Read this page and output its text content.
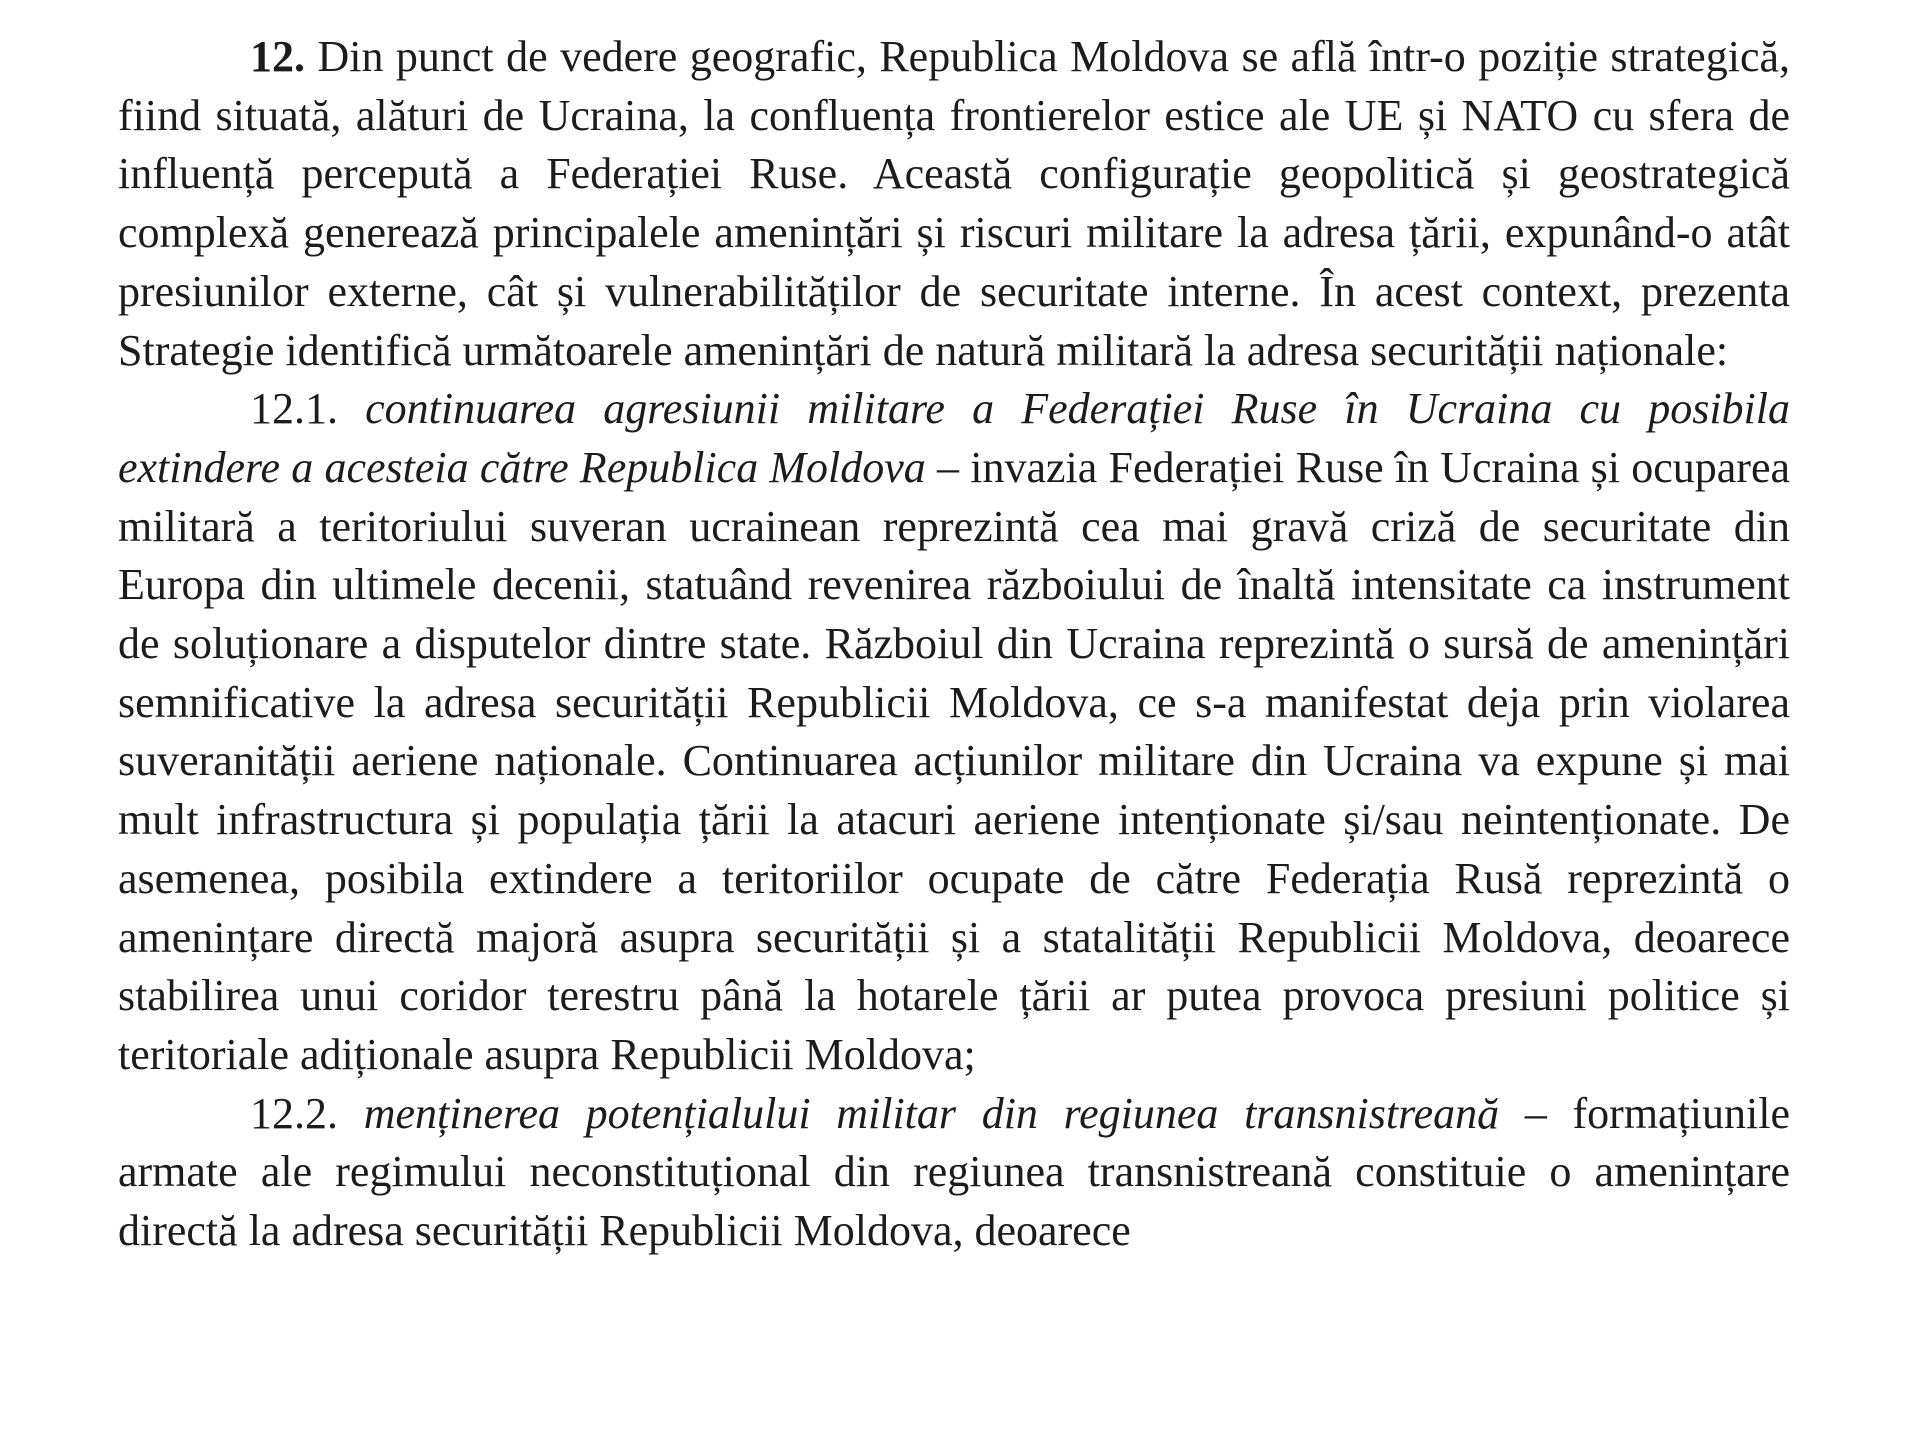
12. Din punct de vedere geografic, Republica Moldova se află într-o poziție strategică, fiind situată, alături de Ucraina, la confluența frontierelor estice ale UE și NATO cu sfera de influență percepută a Federației Ruse. Această configurație geopolitică și geostrategică complexă generează principalele amenințări și riscuri militare la adresa țării, expunând-o atât presiunilor externe, cât și vulnerabilităților de securitate interne. În acest context, prezenta Strategie identifică următoarele amenințări de natură militară la adresa securității naționale:

12.1. continuarea agresiunii militare a Federației Ruse în Ucraina cu posibila extindere a acesteia către Republica Moldova – invazia Federației Ruse în Ucraina și ocuparea militară a teritoriului suveran ucrainean reprezintă cea mai gravă criză de securitate din Europa din ultimele decenii, statuând revenirea războiului de înaltă intensitate ca instrument de soluționare a disputelor dintre state. Războiul din Ucraina reprezintă o sursă de amenințări semnificative la adresa securității Republicii Moldova, ce s-a manifestat deja prin violarea suveranității aeriene naționale. Continuarea acțiunilor militare din Ucraina va expune și mai mult infrastructura și populația țării la atacuri aeriene intenționate și/sau neintenționate. De asemenea, posibila extindere a teritoriilor ocupate de către Federația Rusă reprezintă o amenințare directă majoră asupra securității și a statalității Republicii Moldova, deoarece stabilirea unui coridor terestru până la hotarele țării ar putea provoca presiuni politice și teritoriale adiționale asupra Republicii Moldova;

12.2. menținerea potențialului militar din regiunea transnistreană – formațiunile armate ale regimului neconstituțional din regiunea transnistreană constituie o amenințare directă la adresa securității Republicii Moldova, deoarece
